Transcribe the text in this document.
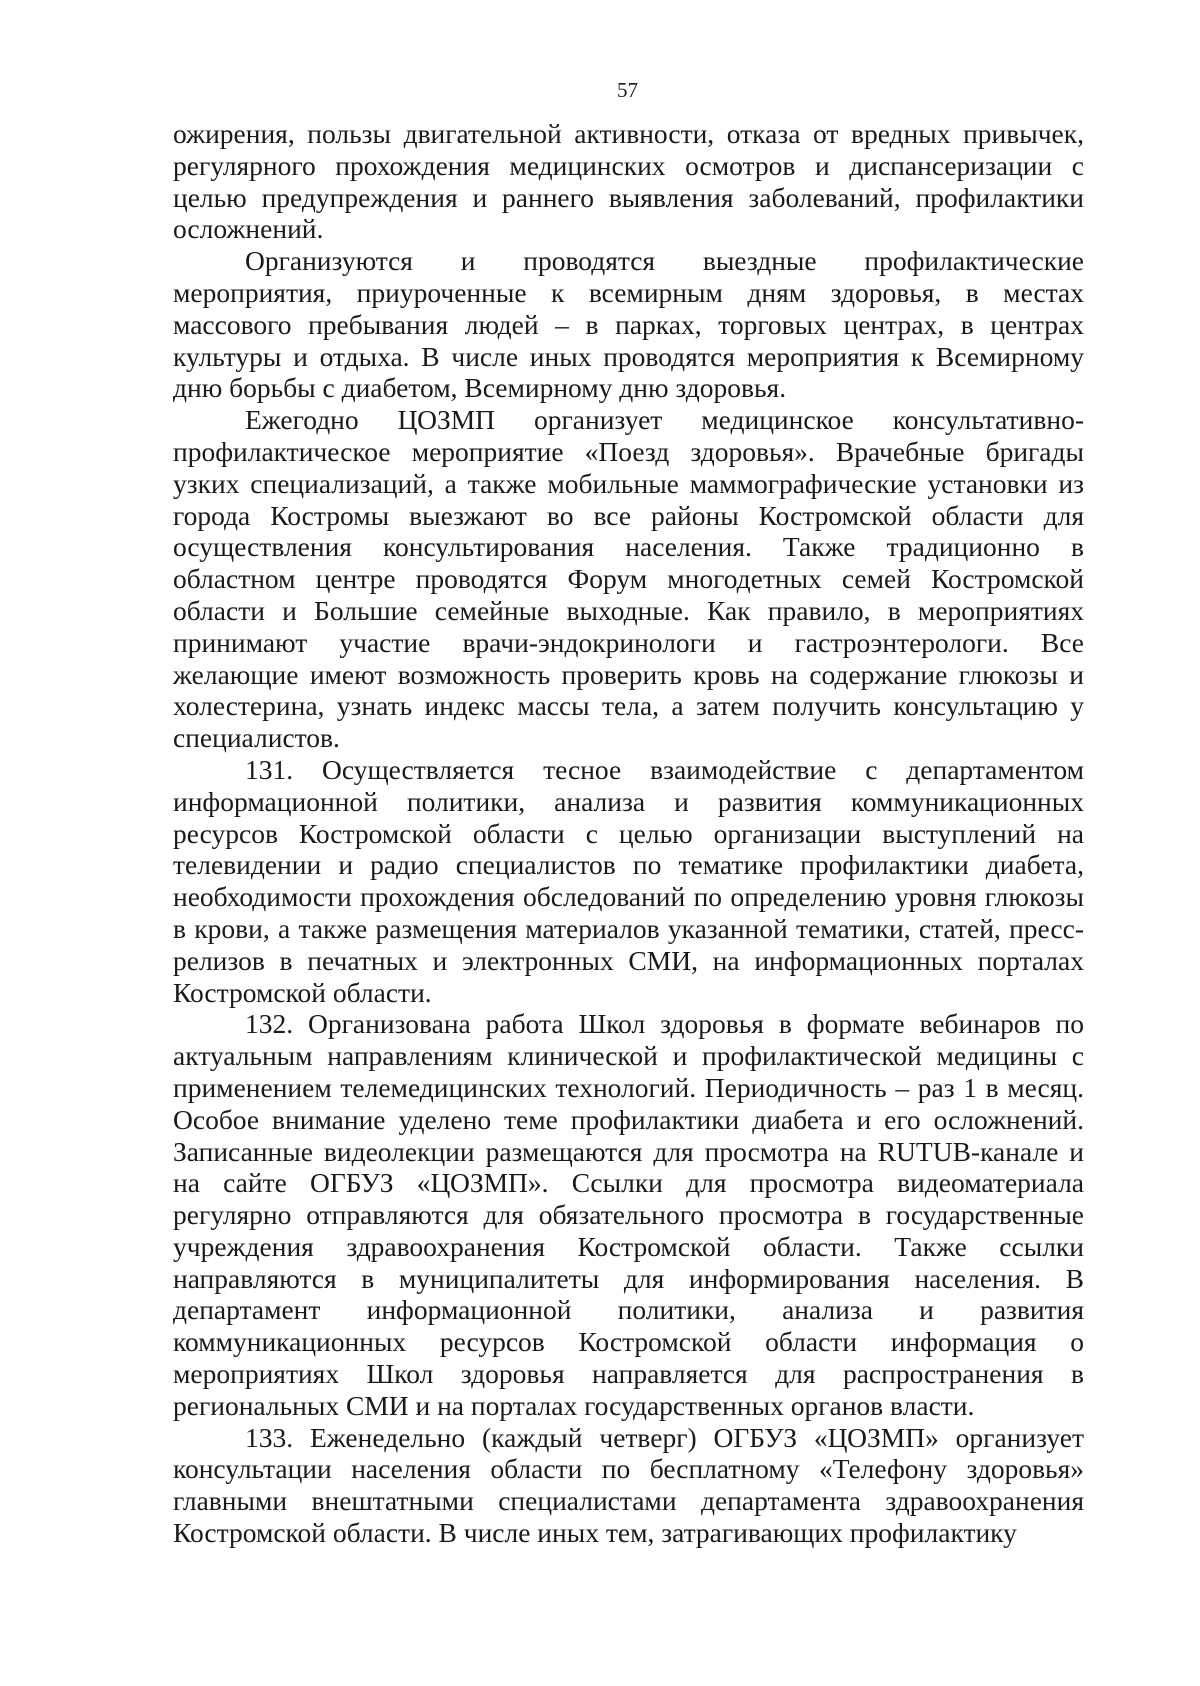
57

ожирения, пользы двигательной активности, отказа от вредных привычек, регулярного прохождения медицинских осмотров и диспансеризации с целью предупреждения и раннего выявления заболеваний, профилактики осложнений.

Организуются и проводятся выездные профилактические мероприятия, приуроченные к всемирным дням здоровья, в местах массового пребывания людей – в парках, торговых центрах, в центрах культуры и отдыха. В числе иных проводятся мероприятия к Всемирному дню борьбы с диабетом, Всемирному дню здоровья.

Ежегодно ЦОЗМП организует медицинское консультативно-профилактическое мероприятие «Поезд здоровья». Врачебные бригады узких специализаций, а также мобильные маммографические установки из города Костромы выезжают во все районы Костромской области для осуществления консультирования населения. Также традиционно в областном центре проводятся Форум многодетных семей Костромской области и Большие семейные выходные. Как правило, в мероприятиях принимают участие врачи-эндокринологи и гастроэнтерологи. Все желающие имеют возможность проверить кровь на содержание глюкозы и холестерина, узнать индекс массы тела, а затем получить консультацию у специалистов.

131. Осуществляется тесное взаимодействие с департаментом информационной политики, анализа и развития коммуникационных ресурсов Костромской области с целью организации выступлений на телевидении и радио специалистов по тематике профилактики диабета, необходимости прохождения обследований по определению уровня глюкозы в крови, а также размещения материалов указанной тематики, статей, пресс-релизов в печатных и электронных СМИ, на информационных порталах Костромской области.

132. Организована работа Школ здоровья в формате вебинаров по актуальным направлениям клинической и профилактической медицины с применением телемедицинских технологий. Периодичность – раз 1 в месяц. Особое внимание уделено теме профилактики диабета и его осложнений. Записанные видеолекции размещаются для просмотра на RUTUB-канале и на сайте ОГБУЗ «ЦОЗМП». Ссылки для просмотра видеоматериала регулярно отправляются для обязательного просмотра в государственные учреждения здравоохранения Костромской области. Также ссылки направляются в муниципалитеты для информирования населения. В департамент информационной политики, анализа и развития коммуникационных ресурсов Костромской области информация о мероприятиях Школ здоровья направляется для распространения в региональных СМИ и на порталах государственных органов власти.

133. Еженедельно (каждый четверг) ОГБУЗ «ЦОЗМП» организует консультации населения области по бесплатному «Телефону здоровья» главными внештатными специалистами департамента здравоохранения Костромской области. В числе иных тем, затрагивающих профилактику
